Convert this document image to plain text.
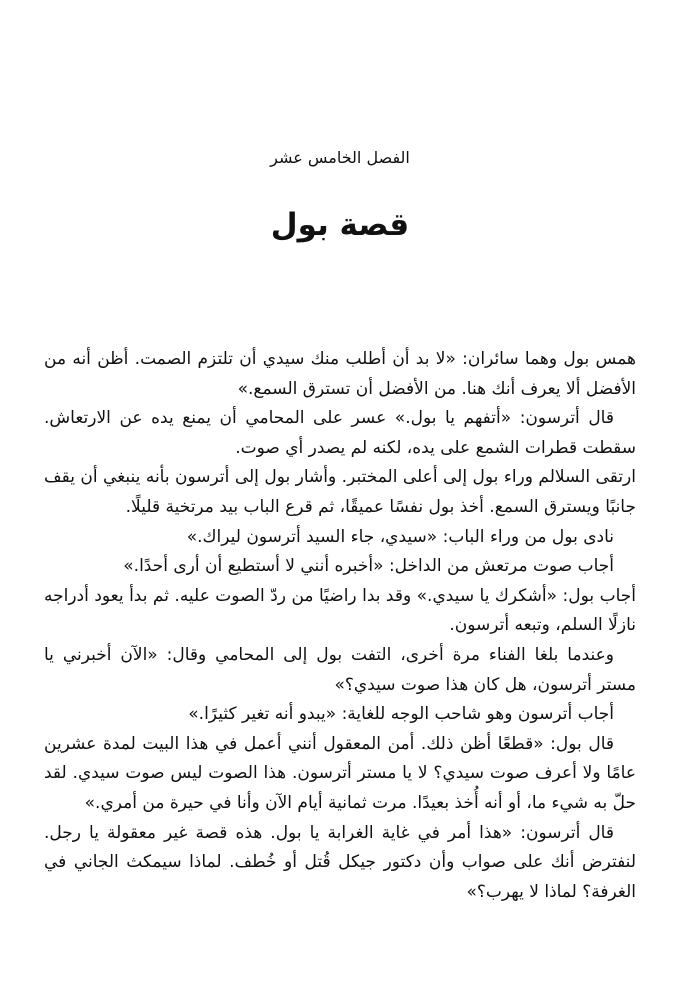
الفصل الخامس عشر
قصة بول

همس بول وهما سائران: «لا بد أن أطلب منك سيدي أن تلتزم الصمت. أظن أنه من الأفضل ألا يعرف أنك هنا. من الأفضل أن تسترق السمع.»

قال أترسون: «أتفهم يا بول.» عسر على المحامي أن يمنع يده عن الارتعاش. سقطت قطرات الشمع على يده، لكنه لم يصدر أي صوت.

ارتقى السلالم وراء بول إلى أعلى المختبر. وأشار بول إلى أترسون بأنه ينبغي أن يقف جانبًا ويسترق السمع. أخذ بول نفسًا عميقًا، ثم قرع الباب بيد مرتخية قليلًا.

نادى بول من وراء الباب: «سيدي، جاء السيد أترسون ليراك.»

أجاب صوت مرتعش من الداخل: «أخبره أنني لا أستطيع أن أرى أحدًا.»

أجاب بول: «أشكرك يا سيدي.» وقد بدا راضيًا من ردّ الصوت عليه. ثم بدأ يعود أدراجه نازلًا السلم، وتبعه أترسون.

وعندما بلغا الفناء مرة أخرى، التفت بول إلى المحامي وقال: «الآن أخبرني يا مستر أترسون، هل كان هذا صوت سيدي؟»

أجاب أترسون وهو شاحب الوجه للغاية: «يبدو أنه تغير كثيرًا.»

قال بول: «قطعًا أظن ذلك. أمن المعقول أنني أعمل في هذا البيت لمدة عشرين عامًا ولا أعرف صوت سيدي؟ لا يا مستر أترسون. هذا الصوت ليس صوت سيدي. لقد حلّ به شيء ما، أو أنه أُخذ بعيدًا. مرت ثمانية أيام الآن وأنا في حيرة من أمري.»

قال أترسون: «هذا أمر في غاية الغرابة يا بول. هذه قصة غير معقولة يا رجل. لنفترض أنك على صواب وأن دكتور جيكل قُتل أو خُطف. لماذا سيمكث الجاني في الغرفة؟ لماذا لا يهرب؟»
